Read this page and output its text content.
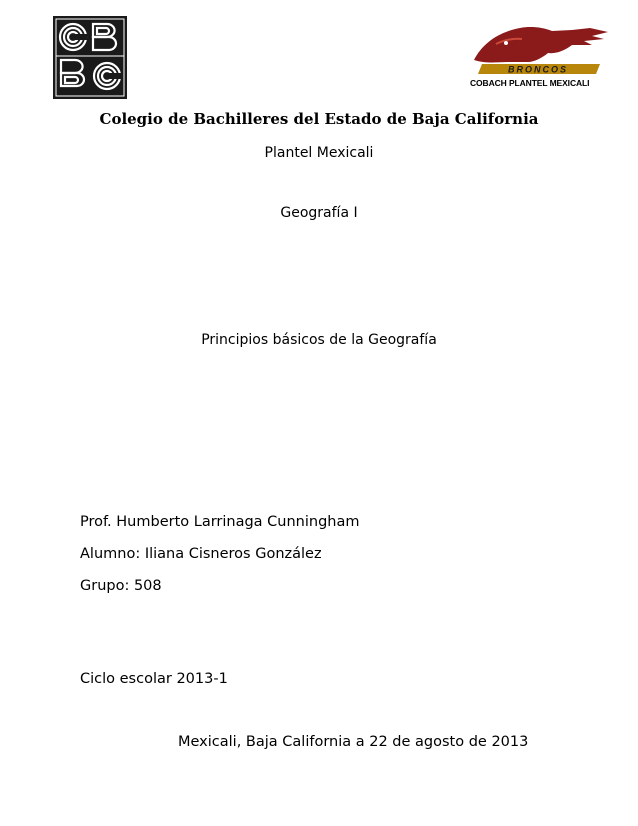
BRONCOS
COBACH PLANTEL MEXICALI
Colegio de Bachilleres del Estado de Baja California
Plantel Mexicali
Geografía I
Principios básicos de la Geografía
Prof. Humberto Larrinaga Cunningham
Alumno: Iliana Cisneros González
Grupo: 508
Ciclo escolar 2013-1
Mexicali, Baja California a 22 de agosto de 2013
